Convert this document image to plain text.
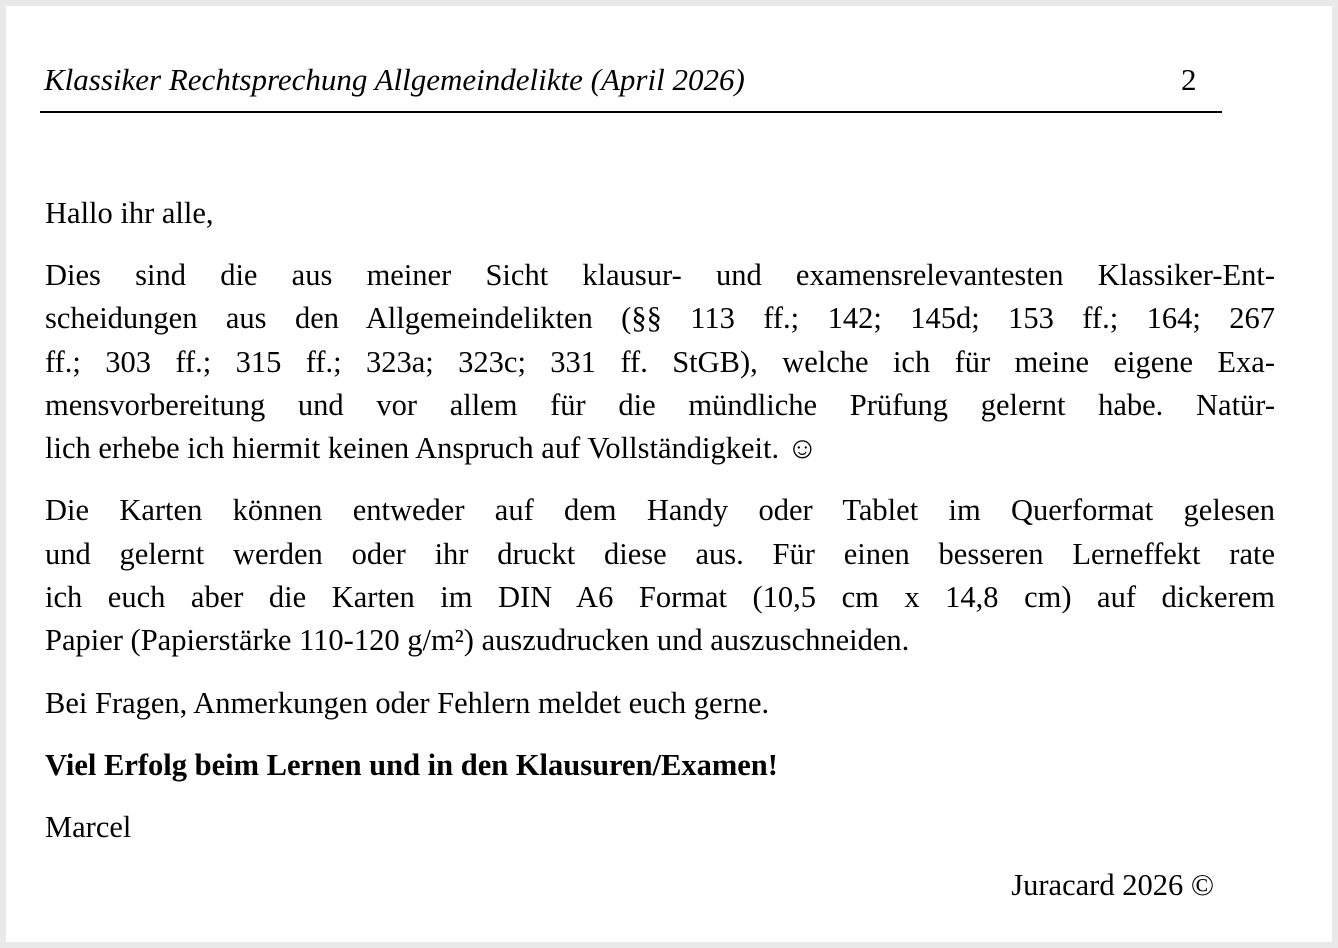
Klassiker Rechtsprechung Allgemeindelikte (April 2026)	2
Hallo ihr alle,
Dies sind die aus meiner Sicht klausur- und examensrelevantesten Klassiker-Ent-
scheidungen aus den Allgemeindelikten (§§ 113 ff.; 142; 145d; 153 ff.; 164; 267
ff.; 303 ff.; 315 ff.; 323a; 323c; 331 ff. StGB), welche ich für meine eigene Exa-
mensvorbereitung und vor allem für die mündliche Prüfung gelernt habe. Natür-
lich erhebe ich hiermit keinen Anspruch auf Vollständigkeit. ☺
Die Karten können entweder auf dem Handy oder Tablet im Querformat gelesen
und gelernt werden oder ihr druckt diese aus. Für einen besseren Lerneffekt rate
ich euch aber die Karten im DIN A6 Format (10,5 cm x 14,8 cm) auf dickerem
Papier (Papierstärke 110-120 g/m²) auszudrucken und auszuschneiden.
Bei Fragen, Anmerkungen oder Fehlern meldet euch gerne.
Viel Erfolg beim Lernen und in den Klausuren/Examen!
Marcel
Juracard 2026 ©
